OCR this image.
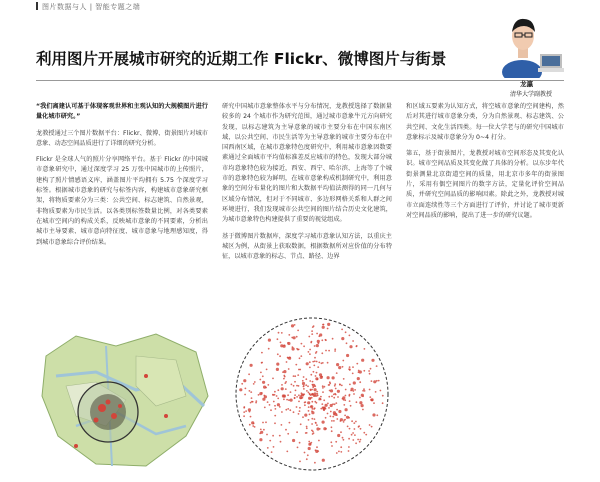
图片数据与人 | 智能专题之端
利用图片开展城市研究的近期工作 Flickr、微博图片与街景
龙瀛
清华大学副教授

“我们离建认可基于体现客观世界和主观认知的大规模图片进行量化城市研究。”

龙教授通过三个图片数据平台：Flickr、微博、街景图片对城市意象、动态空间品质进行了详细的研究分析。

Flickr 是全球人气的照片分享网络平台。基于 Flickr 的中国城市意象研究中，通过深度学习 25 万张中国城市的上传照片，建构了照片情感语义库，涵盖图片平均拥有 5.75 个深度学习标签。根据城市意象的研究与标签内容，构建城市意象研究框架，将物质要素分为三类：公共空间、标志建筑、自然景观，非物质要素为市民生活。以各类别标签数量比例，对各类要素在城市空间内的构成关系，反映城市意象的不同要素，分析出城市主导要素、城市意向特征度、城市意象与地理感知度，得到城市意象综合评价结果。

研究中国城市意象整体水平与分布情况，龙教授选择了数据量较多的 24 个城市作为研究范围，通过城市意象牛元方向研究发现，以标志建筑为主导意象的城市主要分布在中国东南区域，以公共空间、市民生活等为主导意象的城市主要分布在中国西南区域，在城市意象特色度研究中，利用城市意象因数要素通过全面城市平均值标准差反应城市的特色，发现大部分城市均意象特色较为接近，西安、西宁、哈尔滨、上海等了个城市的意象特色较为鲜明，在城市意象构成机制研究中，利用意象的空间分布量化的图片和大数据平均值法测得的同一几何与区域分布情况，但对于不同城市、多边形网格关系和人群之间环境进行，我们发现城市公共空间的图片结合历史文化建筑，为城市意象特色构建提供了重要的视觉组成。

基于微博图片数据库，深度学习城市意象认知方法，以重庆主城区为例，从街景上获取数据，根据数据所对应价值的分布特征，以城市意象的标志、节点、路径、边界

和区域五要素为认知方式，将空城市意象的空间建构，然后对其进行城市意象分类，分为自然景观、标志建筑、公共空间、文化生活四类。每一位大学老与的研究中国城市意象标示及城市意象分为 0~4 打分。

第五，基于街景图片，龙教授对城市空间形态及其变化认识。城市空间品质及其变化做了具体的分析。以东步年代街景测量北京街道空间的质量，用北京市多年的街景图片，采用有偶空间图片的数字方法，定量化评价空间品质，并研究空间品质的影响因素。除此之外，龙教授对城市立面连续性等三个方面进行了评价，并讨论了城市更新对空间品质的影响，提出了进一步的研究议题。
